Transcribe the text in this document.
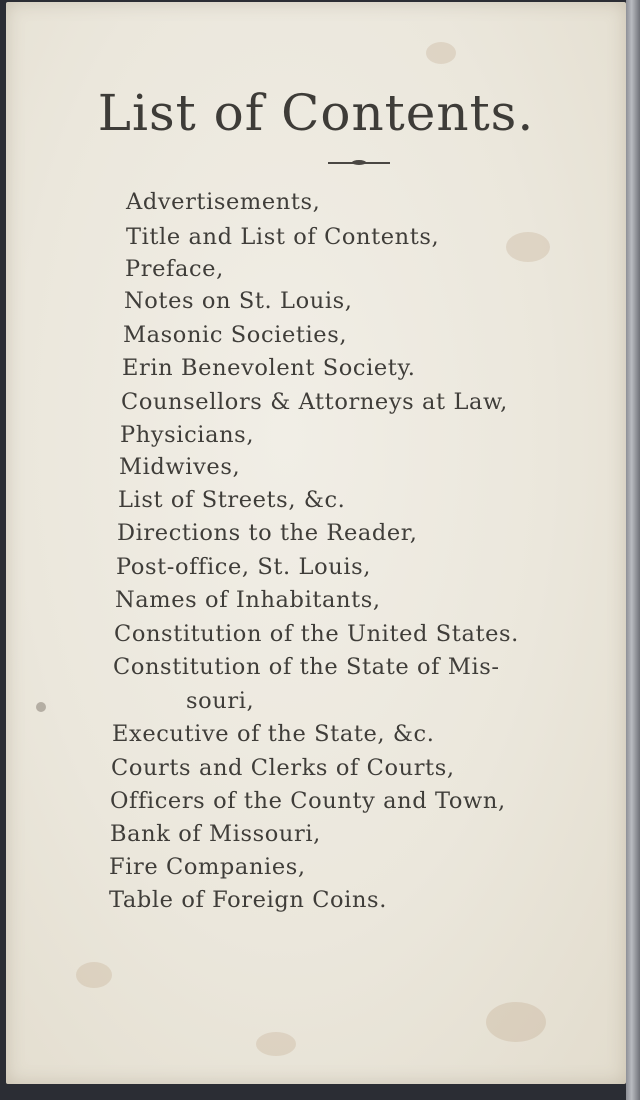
List of Contents.
Advertisements,
Title and List of Contents,
Preface,
Notes on St. Louis,
Masonic Societies,
Erin Benevolent Society.
Counsellors & Attorneys at Law,
Physicians,
Midwives,
List of Streets, &c.
Directions to the Reader,
Post-office, St. Louis,
Names of Inhabitants,
Constitution of the United States.
Constitution of the State of Mis-
souri,
Executive of the State, &c.
Courts and Clerks of Courts,
Officers of the County and Town,
Bank of Missouri,
Fire Companies,
Table of Foreign Coins.
